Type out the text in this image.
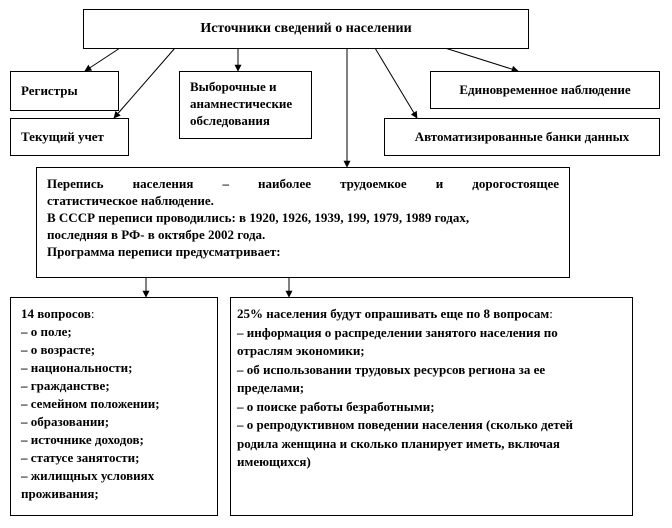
Источники сведений о населении
Регистры	Выборочные и
анамнестические
обследования
Единовременное наблюдение
Текущий учет	Автоматизированные банки данных
Перепись населения – наиболее трудоемкое и дорогостоящее
статистическое наблюдение.
В СССР переписи проводились: в 1920, 1926, 1939, 199, 1979, 1989 годах,
последняя в РФ- в октябре 2002 года.
Программа переписи предусматривает:
14 вопросов:
– о поле;
– о возрасте;
– национальности;
– гражданстве;
– семейном положении;
– образовании;
– источнике доходов;
– статусе занятости;
– жилищных условиях
проживания;
25% населения будут опрашивать еще по 8 вопросам:
– информация о распределении занятого населения по
отраслям экономики;
– об использовании трудовых ресурсов региона за ее
пределами;
– о поиске работы безработными;
– о репродуктивном поведении населения (сколько детей
родила женщина и сколько планирует иметь, включая
имеющихся)
